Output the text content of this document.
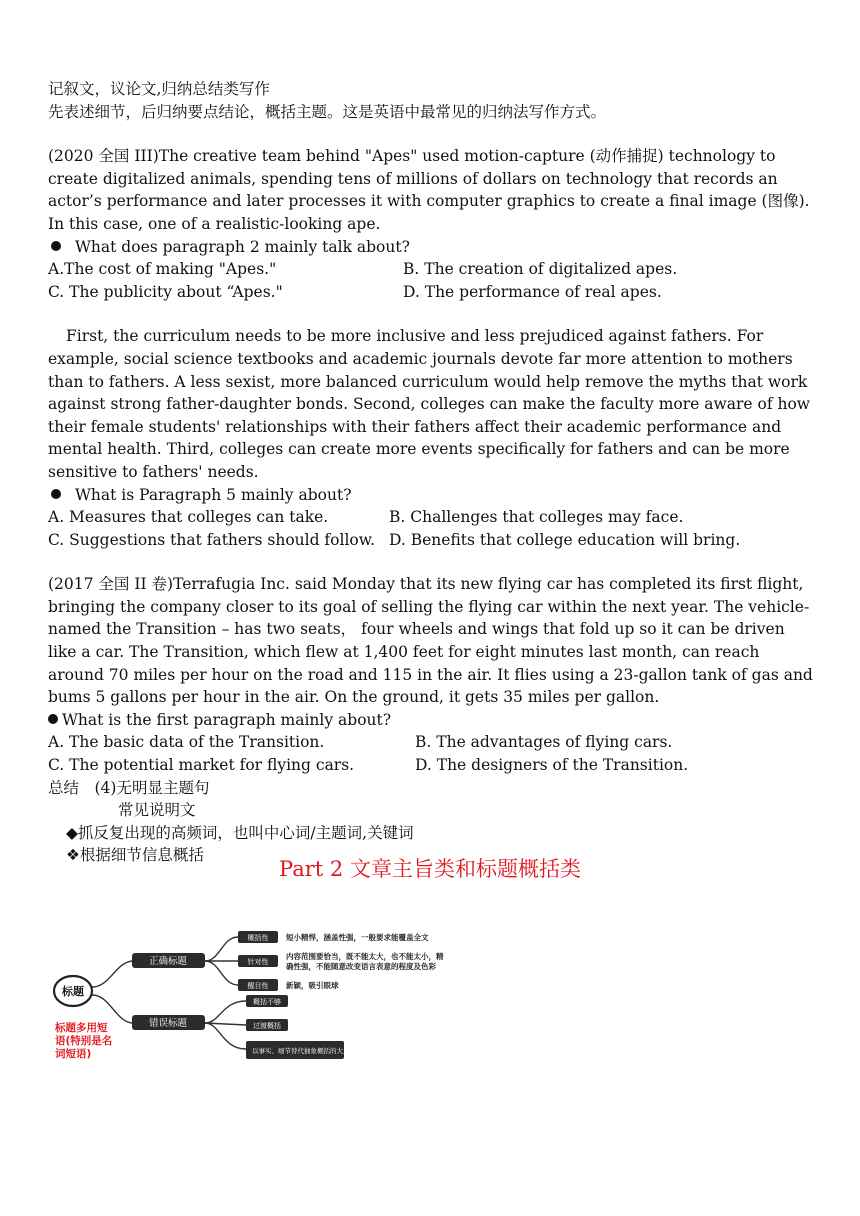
记叙文，议论文,归纳总结类写作
先表述细节，后归纳要点结论，概括主题。这是英语中最常见的归纳法写作方式。
(2020 全国 III)The creative team behind "Apes" used motion-capture (动作捕捉) technology to create digitalized animals, spending tens of millions of dollars on technology that records an actor’s performance and later processes it with computer graphics to create a final image (图像). In this case, one of a realistic-looking ape.
What does paragraph 2 mainly talk about?
A.The cost of making "Apes."	B. The creation of digitalized apes.
C. The publicity about “Apes."	D. The performance of real apes.
First, the curriculum needs to be more inclusive and less prejudiced against fathers. For example, social science textbooks and academic journals devote far more attention to mothers than to fathers. A less sexist, more balanced curriculum would help remove the myths that work against strong father-daughter bonds. Second, colleges can make the faculty more aware of how their female students' relationships with their fathers affect their academic performance and mental health. Third, colleges can create more events specifically for fathers and can be more sensitive to fathers' needs.
What is Paragraph 5 mainly about?
A. Measures that colleges can take.	B. Challenges that colleges may face.
C. Suggestions that fathers should follow. D. Benefits that college education will bring.
(2017 全国 II 卷)Terrafugia Inc. said Monday that its new flying car has completed its first flight, bringing the company closer to its goal of selling the flying car within the next year. The vehicle-named the Transition – has two seats， four wheels and wings that fold up so it can be driven like a car. The Transition, which flew at 1,400 feet for eight minutes last month, can reach around 70 miles per hour on the road and 115 in the air. It flies using a 23-gallon tank of gas and bums 5 gallons per hour in the air. On the ground, it gets 35 miles per gallon.
What is the first paragraph mainly about?
A. The basic data of the Transition.	B. The advantages of flying cars.
C. The potential market for flying cars.	D. The designers of the Transition.
总结　(4)无明显主题句
常见说明文
◆抓反复出现的高频词，也叫中心词/主题词,关键词
❖根据细节信息概括
Part 2 文章主旨类和标题概括类
标题
标题多用短
语(特别是名
词短语)
正确标题
错误标题
概括性 短小精悍，涵盖性强，一般要求能覆盖全文
针对性
内容范围要恰当，既不能太大，也不能太小，精
确性强，不能随意改变语言表意的程度及色彩
醒目性 新颖，吸引眼球
概括不够
过渡概括
以事实、细节替代抽象概括的大意
